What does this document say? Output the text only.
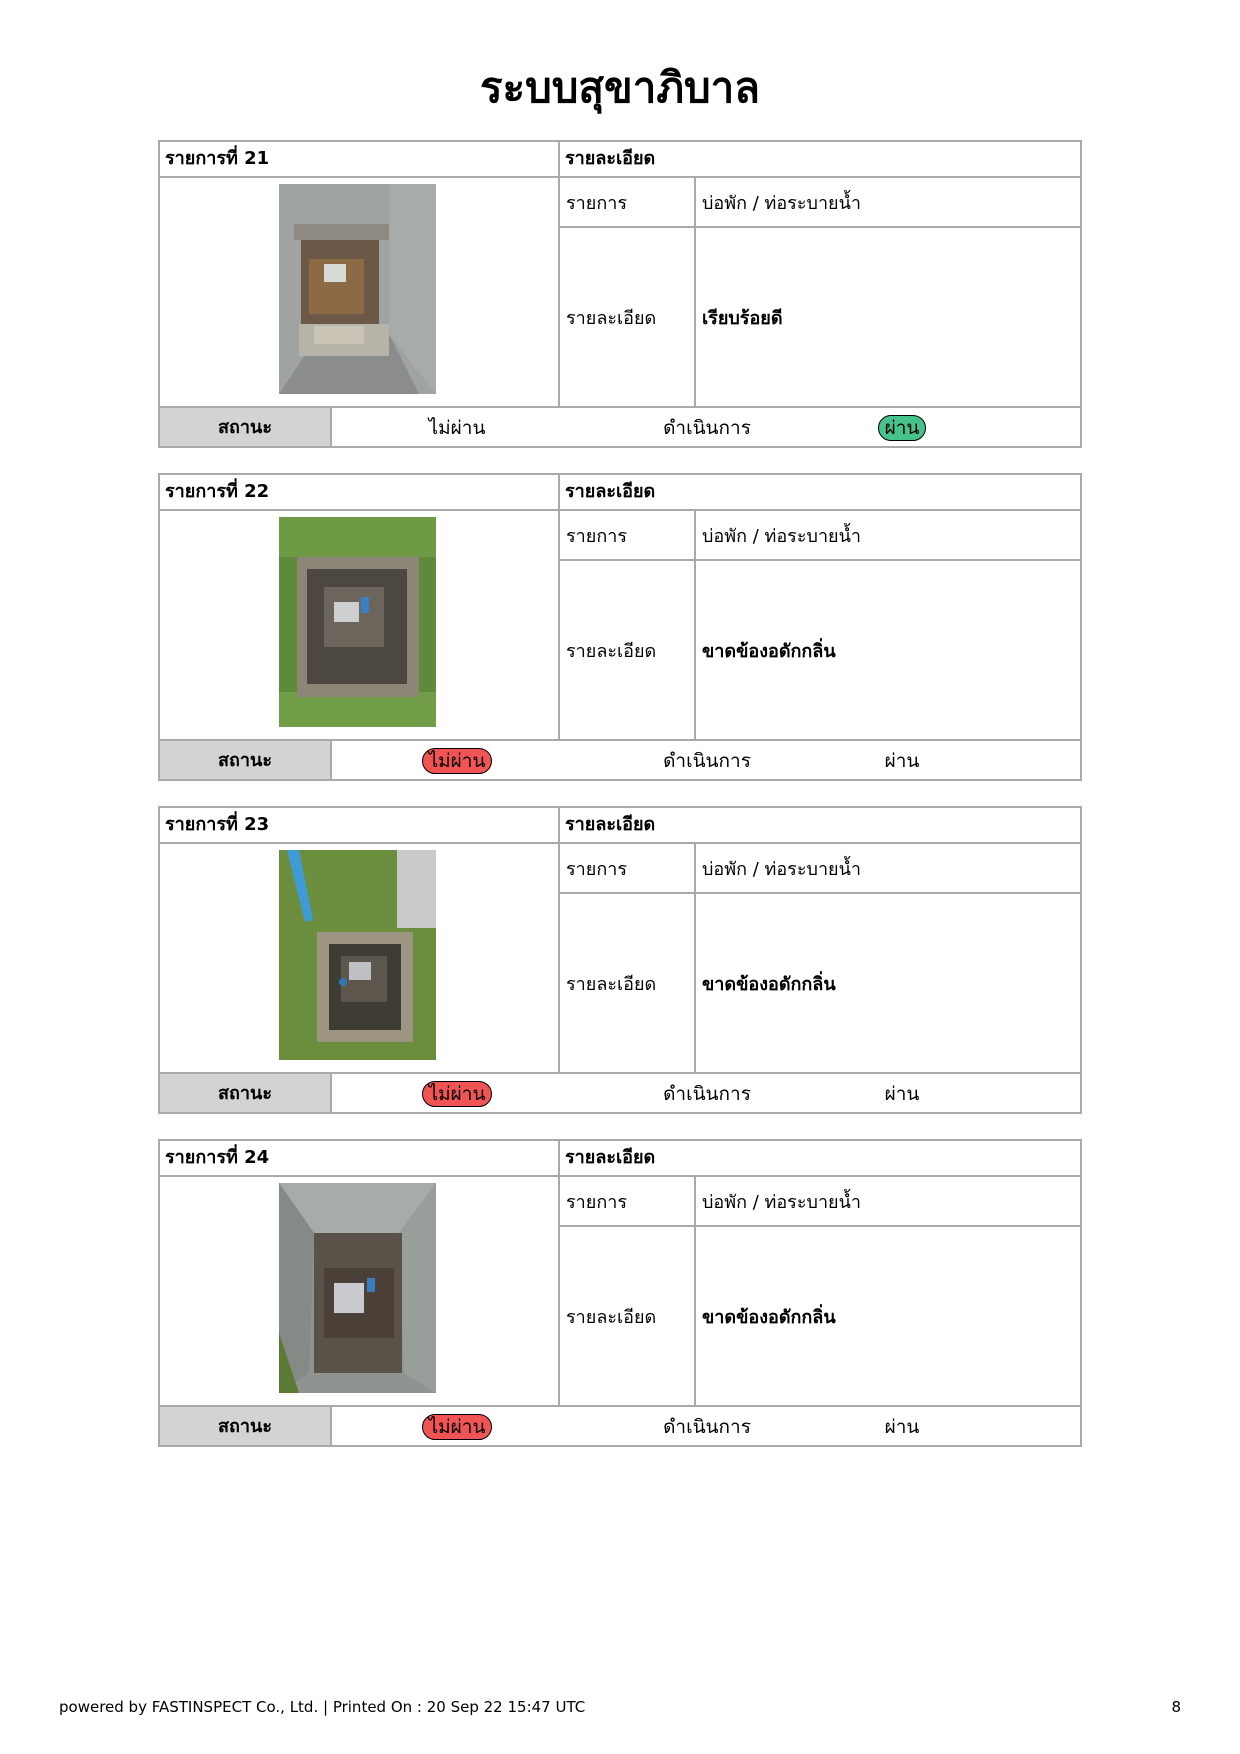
ระบบสุขาภิบาล
รายการที่ 21	รายละเอียด
รายการ	บ่อพัก / ท่อระบายน้ำ
รายละเอียด	เรียบร้อยดี
สถานะ	ไม่ผ่าน	ดำเนินการ	ผ่าน
รายการที่ 22	รายละเอียด
รายการ	บ่อพัก / ท่อระบายน้ำ
รายละเอียด	ขาดข้องอดักกลิ่น
สถานะ	ไม่ผ่าน	ดำเนินการ	ผ่าน
รายการที่ 23	รายละเอียด
รายการ	บ่อพัก / ท่อระบายน้ำ
รายละเอียด	ขาดข้องอดักกลิ่น
สถานะ	ไม่ผ่าน	ดำเนินการ	ผ่าน
รายการที่ 24	รายละเอียด
รายการ	บ่อพัก / ท่อระบายน้ำ
รายละเอียด	ขาดข้องอดักกลิ่น
สถานะ	ไม่ผ่าน	ดำเนินการ	ผ่าน
powered by FASTINSPECT Co., Ltd. | Printed On : 20 Sep 22 15:47 UTC	8
